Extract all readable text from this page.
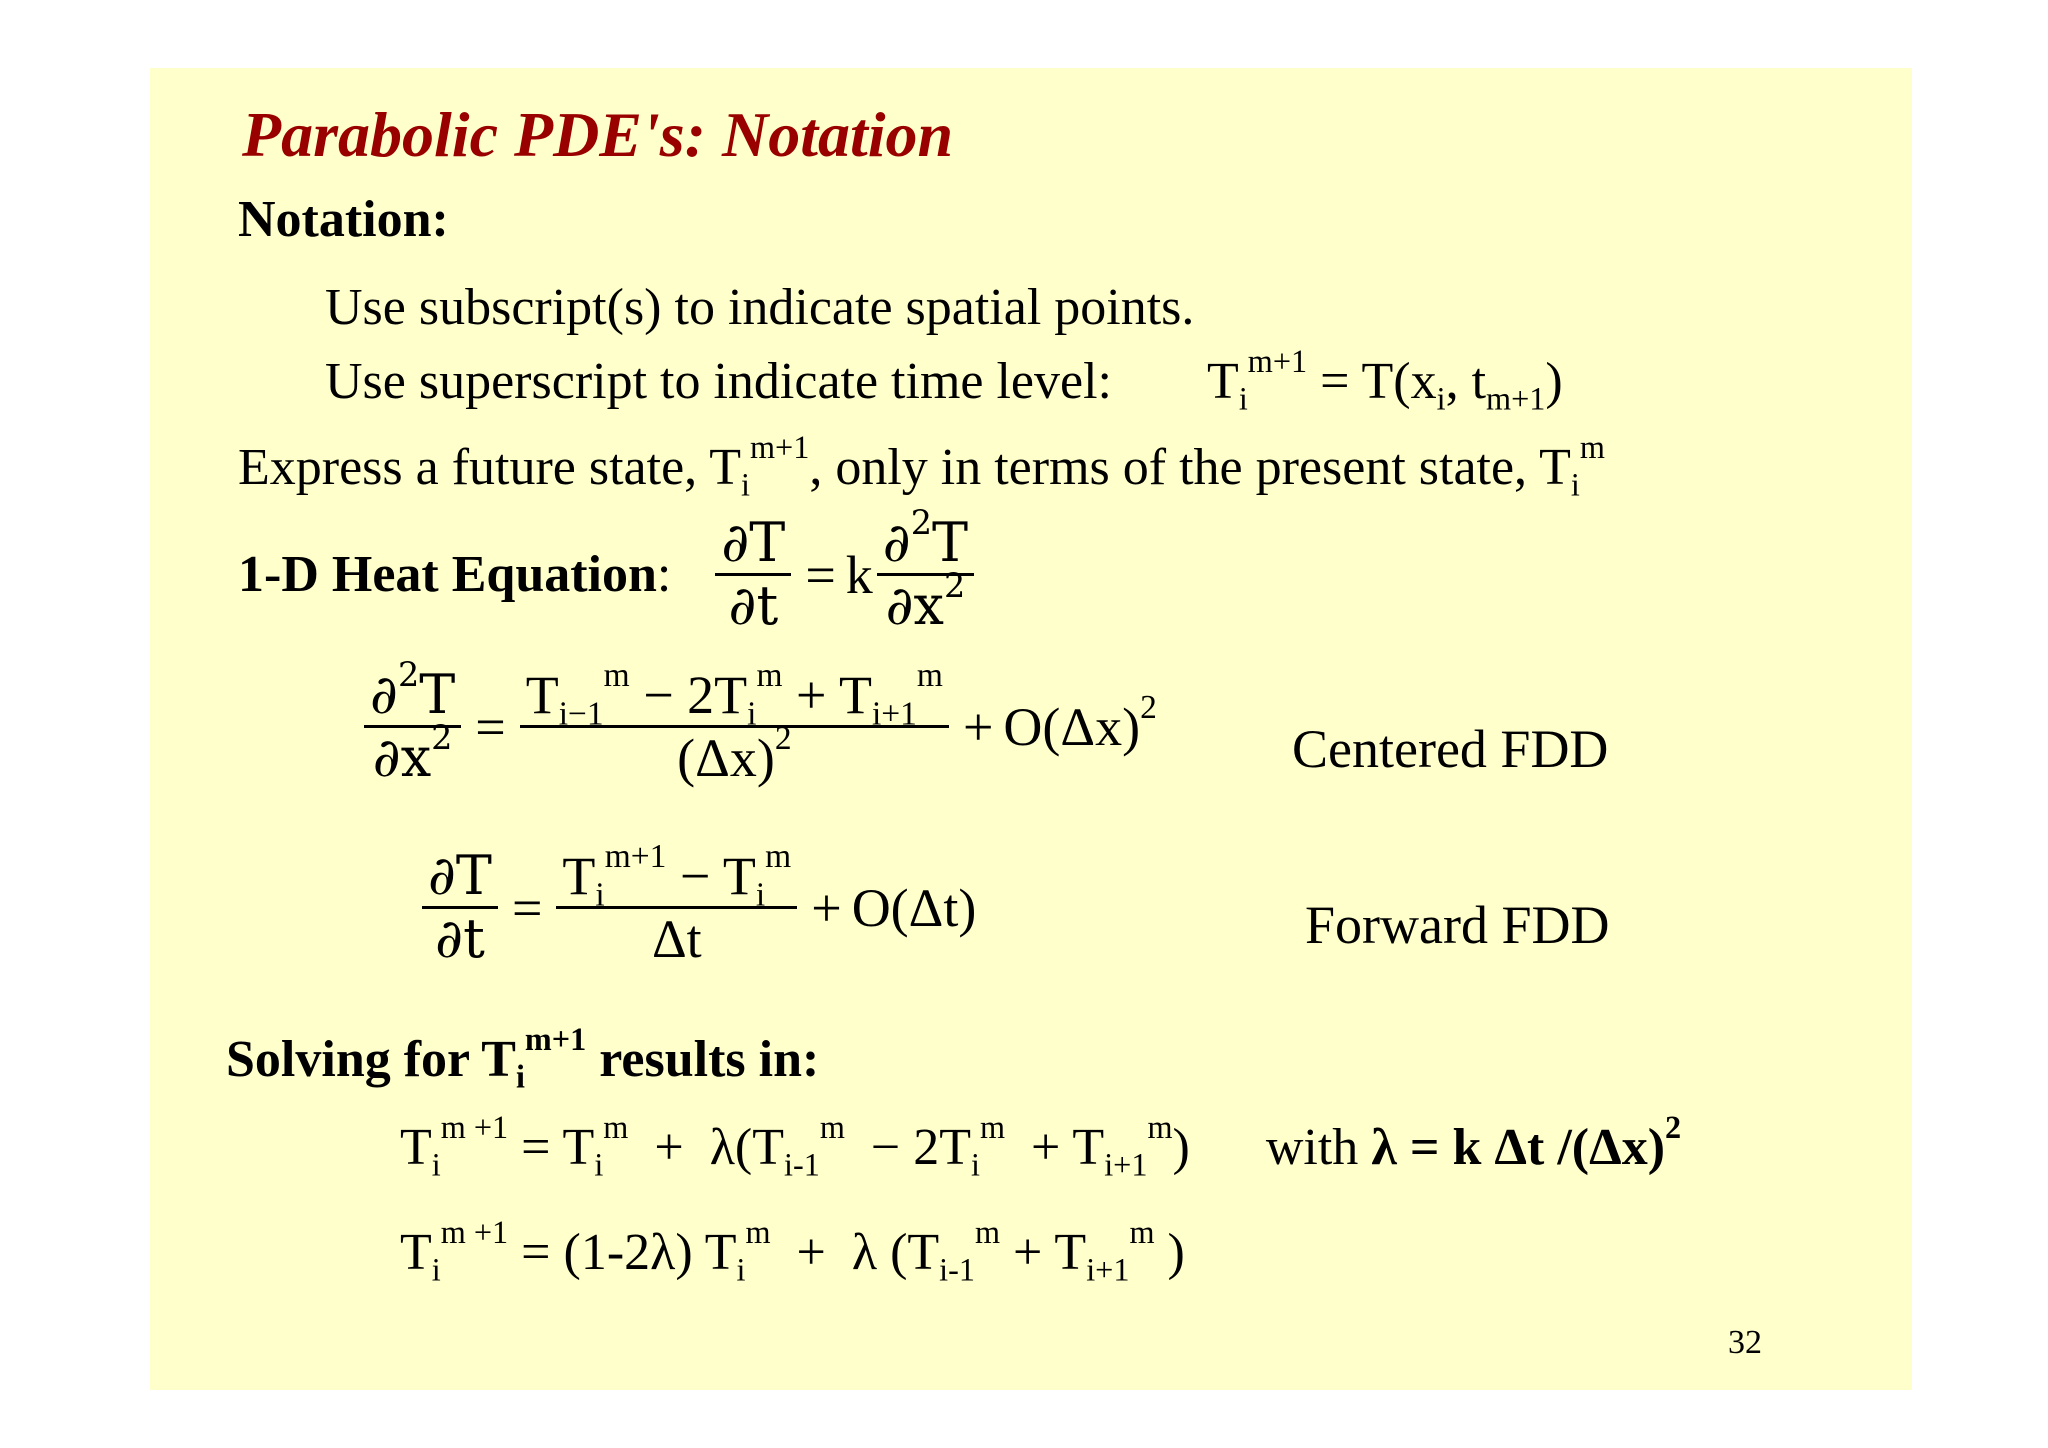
Parabolic PDE's: Notation
Notation:
Use subscript(s) to indicate spatial points.
Use superscript to indicate time level: $T_i^{m+1} = T(x_i$, $t_{m+1}$)
Express a future state, $T_i^{m+1}$, only in terms of the present state, $T_i^m$
1-D Heat Equation: $\frac{\partial T}{\partial t} = k \frac{\partial^2T}{\partial x^2}$
$\frac{\partial^2T}{\partial x^2} = \frac{T_{i-1}^m - 2T_i^m + T_{i+1}^m}{(\Delta x)^2} + O(\Delta x)^2$
Centered FDD
$\frac{\partial T}{\partial t} = \frac{T_i^{m+1} - T_i^m}{\Delta t} + O(\Delta t)$	Forward FDD
Solving for $T_i^{m+1}$ results in:
$T_i^{m +1} = T_i^m + \lambda(T_{i-1}^m - 2T_i^m + T_{i+1}^m)$  with λ = k Δt $/(\Delta x)^2$
$T_i^{m +1} = (1-2\lambda) T_i^m + \lambda$ ($T_{i-1}^m + T_{i+1}^m$ )
32
